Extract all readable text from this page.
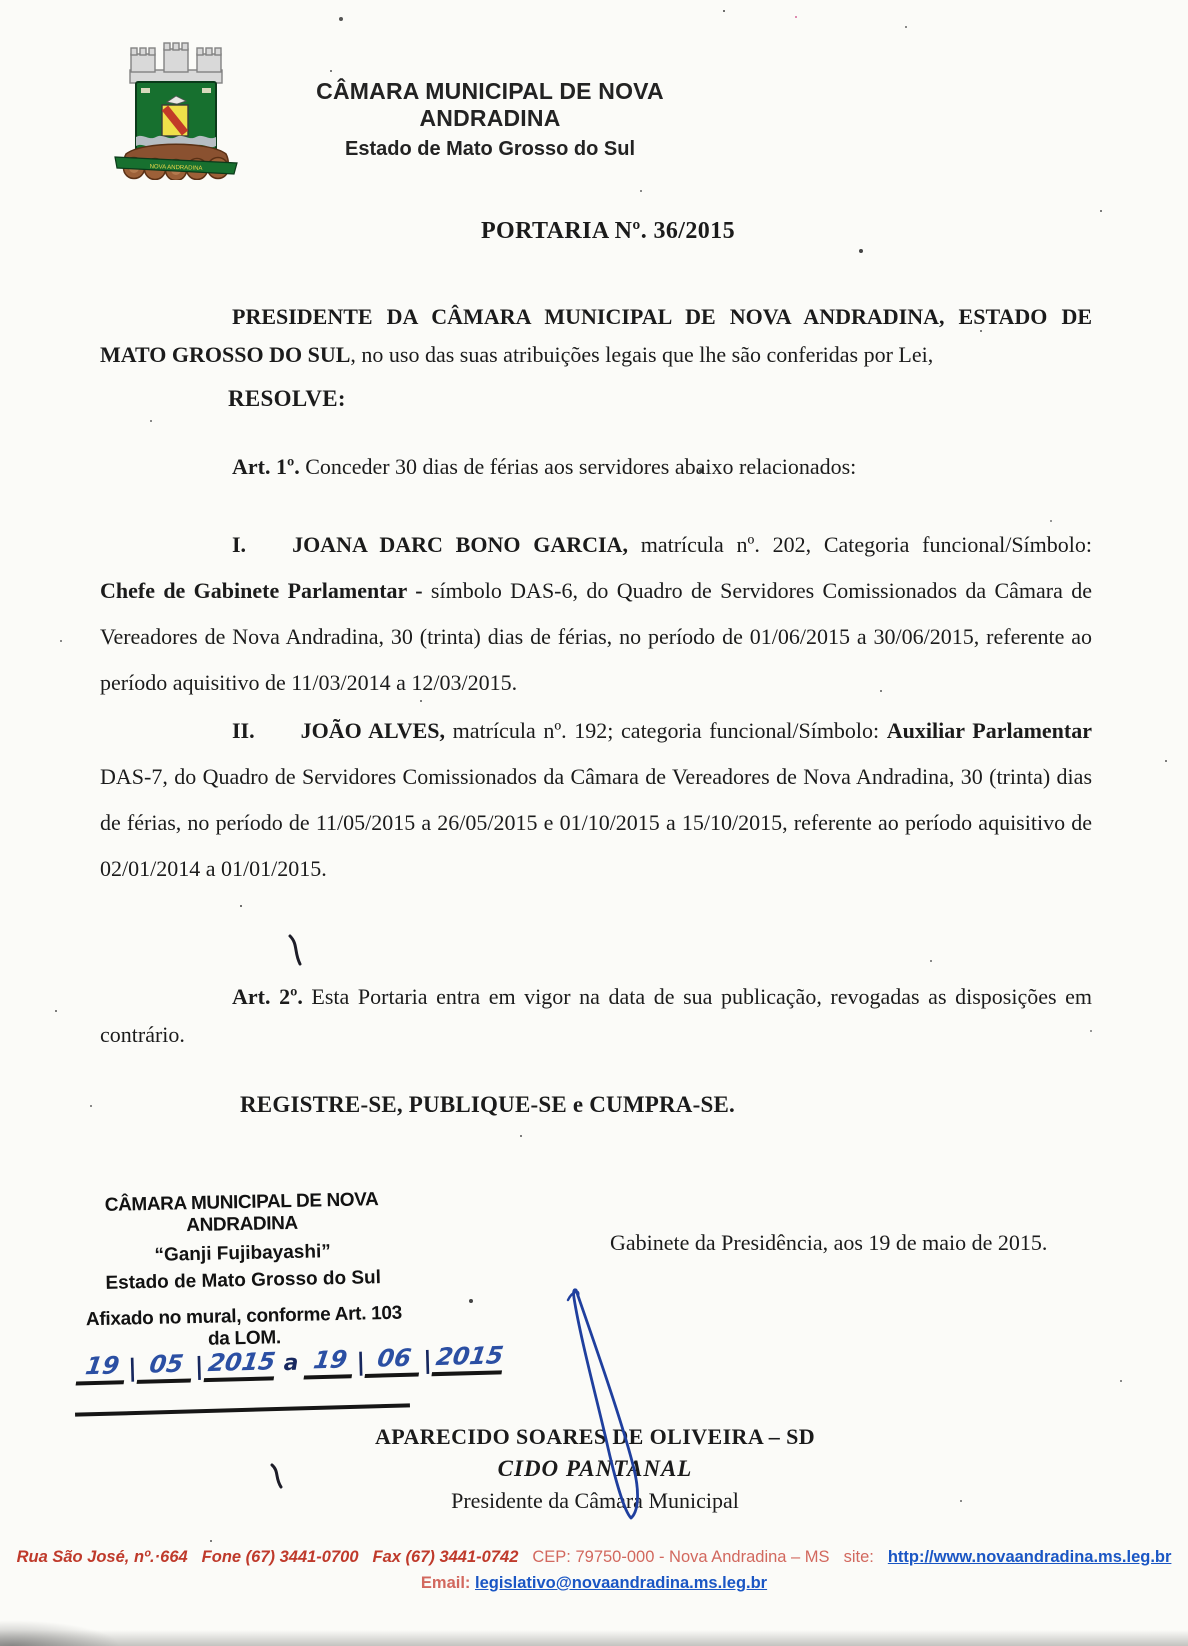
NOVA ANDRADINA
CÂMARA MUNICIPAL DE NOVA ANDRADINA
Estado de Mato Grosso do Sul
PORTARIA Nº. 36/2015
PRESIDENTE DA CÂMARA MUNICIPAL DE NOVA ANDRADINA, ESTADO DE MATO GROSSO DO SUL, no uso das suas atribuições legais que lhe são conferidas por Lei,
RESOLVE:
Art. 1º. Conceder 30 dias de férias aos servidores abaixo relacionados:
I. JOANA DARC BONO GARCIA, matrícula nº. 202, Categoria funcional/Símbolo: Chefe de Gabinete Parlamentar - símbolo DAS-6, do Quadro de Servidores Comissionados da Câmara de Vereadores de Nova Andradina, 30 (trinta) dias de férias, no período de 01/06/2015 a 30/06/2015, referente ao período aquisitivo de 11/03/2014 a 12/03/2015.
II. JOÃO ALVES, matrícula nº. 192; categoria funcional/Símbolo: Auxiliar Parlamentar DAS-7, do Quadro de Servidores Comissionados da Câmara de Vereadores de Nova Andradina, 30 (trinta) dias de férias, no período de 11/05/2015 a 26/05/2015 e 01/10/2015 a 15/10/2015, referente ao período aquisitivo de 02/01/2014 a 01/01/2015.
Art. 2º. Esta Portaria entra em vigor na data de sua publicação, revogadas as disposições em contrário.
REGISTRE-SE, PUBLIQUE-SE e CUMPRA-SE.
CÂMARA MUNICIPAL DE NOVA ANDRADINA
“Ganji Fujibayashi”
Estado de Mato Grosso do Sul
Afixado no mural, conforme Art. 103 da LOM.
19 | 05 | 2015 a 19 | 06 | 2015
Gabinete da Presidência, aos 19 de maio de 2015.
APARECIDO SOARES DE OLIVEIRA – SD
CIDO PANTANAL
Presidente da Câmara Municipal
Rua São José, nº.·664 Fone (67) 3441-0700 Fax (67) 3441-0742 CEP: 79750-000 - Nova Andradina – MS site: http://www.novaandradina.ms.leg.br
Email: legislativo@novaandradina.ms.leg.br
